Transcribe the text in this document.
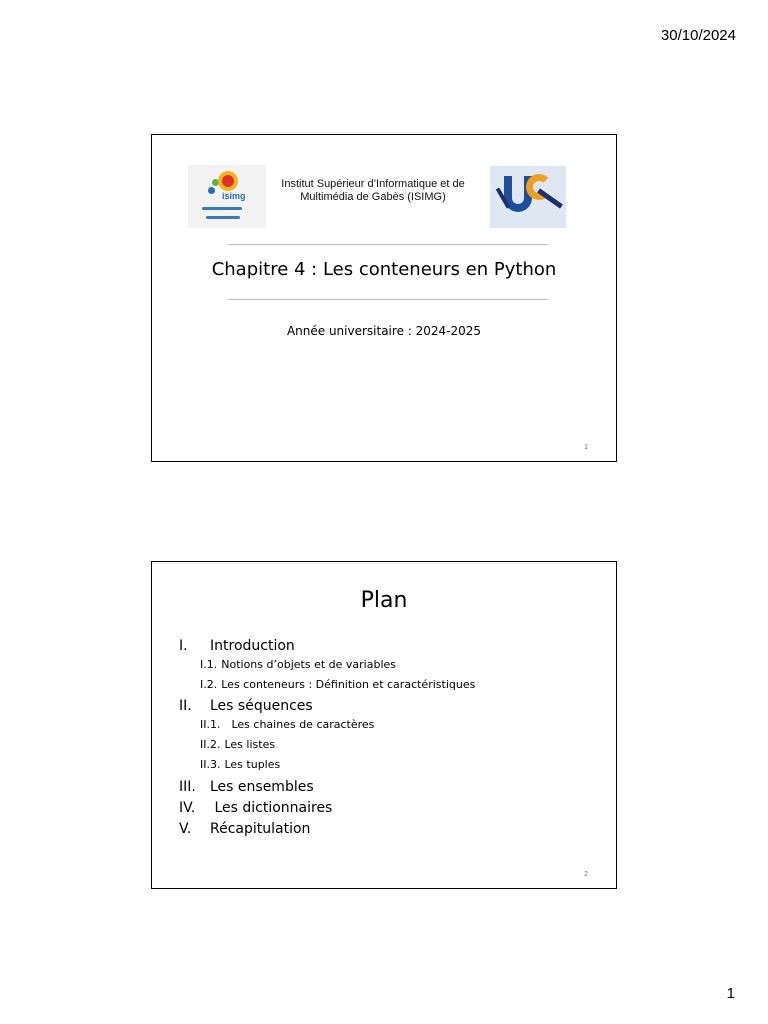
30/10/2024
isimg
Institut Supérieur d’Informatique et de Multimédia de Gabès (ISIMG)
Chapitre 4 : Les conteneurs en Python
Année universitaire : 2024-2025
1
Plan
I.	Introduction
I.1. Notions d’objets et de variables
I.2. Les conteneurs : Définition et caractéristiques
II.	Les séquences
II.1. Les chaines de caractères
II.2. Les listes
II.3. Les tuples
III.	Les ensembles
IV.	Les dictionnaires
V.	Récapitulation
2
1
